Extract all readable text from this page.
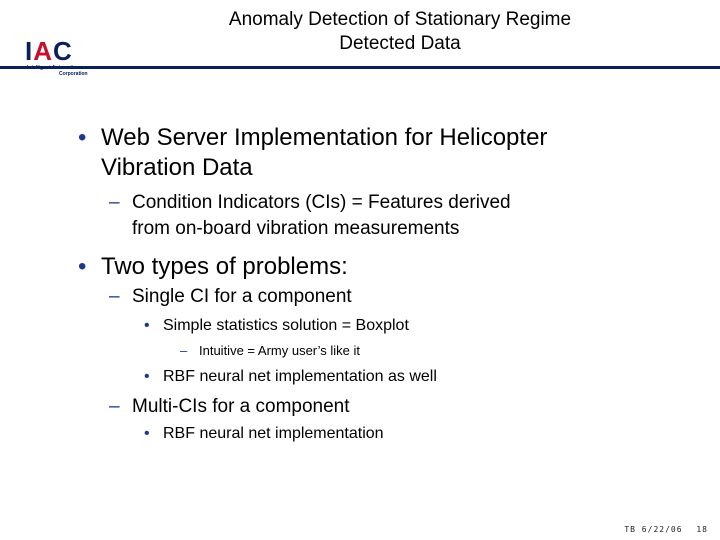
IAC
Corporation
Anomaly Detection of Stationary Regime
Detected Data
• Web Server Implementation for Helicopter
Vibration Data
– Condition Indicators (CIs) = Features derived
from on-board vibration measurements
• Two types of problems:
– Single CI for a component
• Simple statistics solution = Boxplot
– Intuitive = Army user’s like it
• RBF neural net implementation as well
– Multi-CIs for a component
• RBF neural net implementation
TB 6/22/06 18
